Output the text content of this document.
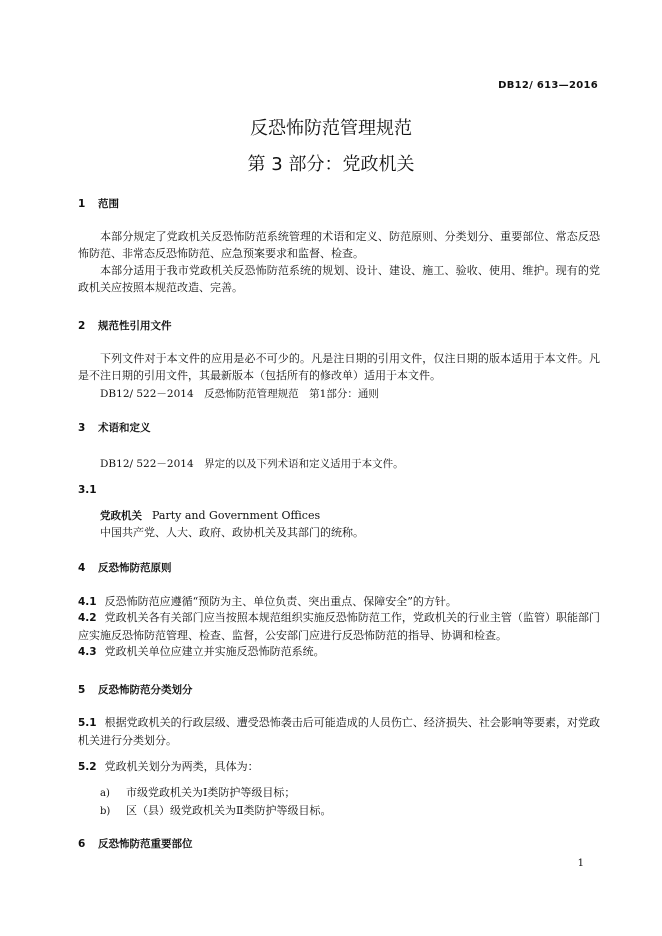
DB12/ 613—2016
反恐怖防范管理规范
第 3 部分：党政机关
1 范围
本部分规定了党政机关反恐怖防范系统管理的术语和定义、防范原则、分类划分、重要部位、常态反恐怖防范、非常态反恐怖防范、应急预案要求和监督、检查。
本部分适用于我市党政机关反恐怖防范系统的规划、设计、建设、施工、验收、使用、维护。现有的党政机关应按照本规范改造、完善。
2 规范性引用文件
下列文件对于本文件的应用是必不可少的。凡是注日期的引用文件，仅注日期的版本适用于本文件。凡是不注日期的引用文件，其最新版本（包括所有的修改单）适用于本文件。
DB12/ 522－2014　反恐怖防范管理规范　第1部分：通则
3 术语和定义
DB12/ 522－2014　界定的以及下列术语和定义适用于本文件。
3.1
党政机关 Party and Government Offices
中国共产党、人大、政府、政协机关及其部门的统称。
4 反恐怖防范原则
4.1 反恐怖防范应遵循“预防为主、单位负责、突出重点、保障安全”的方针。
4.2 党政机关各有关部门应当按照本规范组织实施反恐怖防范工作，党政机关的行业主管（监管）职能部门应实施反恐怖防范管理、检查、监督，公安部门应进行反恐怖防范的指导、协调和检查。
4.3 党政机关单位应建立并实施反恐怖防范系统。
5 反恐怖防范分类划分
5.1 根据党政机关的行政层级、遭受恐怖袭击后可能造成的人员伤亡、经济损失、社会影响等要素，对党政机关进行分类划分。
5.2 党政机关划分为两类，具体为：
a) 市级党政机关为Ⅰ类防护等级目标；
b) 区（县）级党政机关为Ⅱ类防护等级目标。
6 反恐怖防范重要部位
1
